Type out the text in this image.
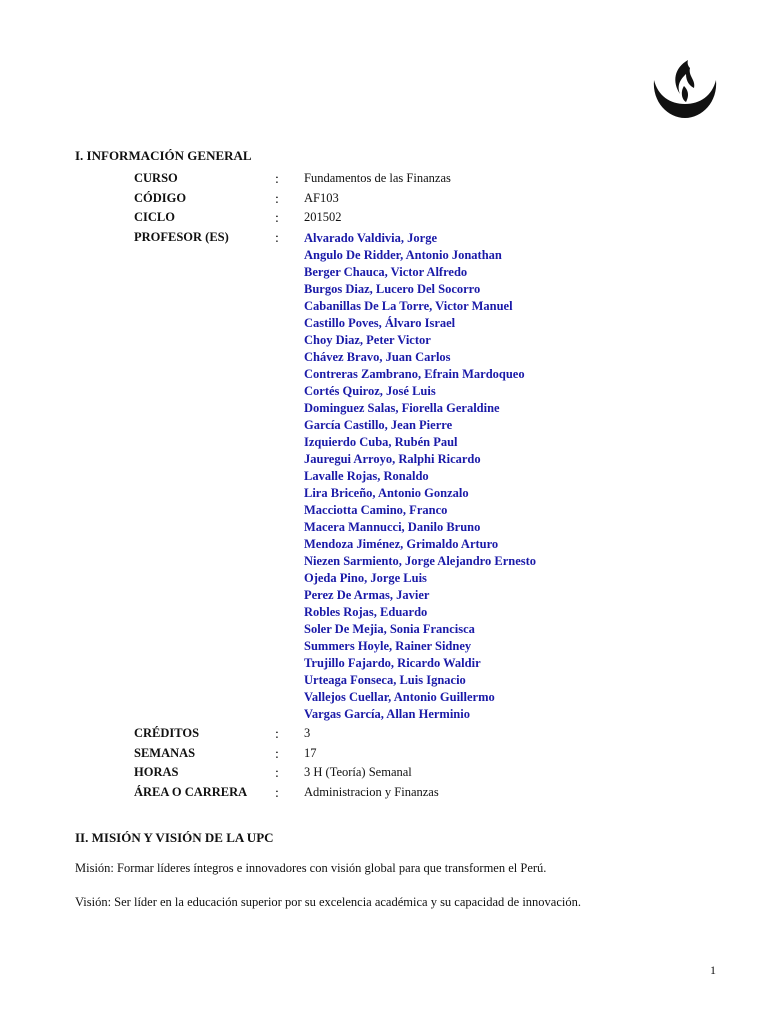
I. INFORMACIÓN GENERAL
CURSO	: Fundamentos de las Finanzas
CÓDIGO	: AF103
CICLO	: 201502
PROFESOR (ES)	: Alvarado Valdivia, Jorge
Angulo De Ridder, Antonio Jonathan
Berger Chauca, Victor Alfredo
Burgos Diaz, Lucero Del Socorro
Cabanillas De La Torre, Victor Manuel
Castillo Poves, Álvaro Israel
Choy Diaz, Peter Victor
Chávez Bravo, Juan Carlos
Contreras Zambrano, Efrain Mardoqueo
Cortés Quiroz, José Luis
Dominguez Salas, Fiorella Geraldine
García Castillo, Jean Pierre
Izquierdo Cuba, Rubén Paul
Jauregui Arroyo, Ralphi Ricardo
Lavalle Rojas, Ronaldo
Lira Briceño, Antonio Gonzalo
Macciotta Camino, Franco
Macera Mannucci, Danilo Bruno
Mendoza Jiménez, Grimaldo Arturo
Niezen Sarmiento, Jorge Alejandro Ernesto
Ojeda Pino, Jorge Luis
Perez De Armas, Javier
Robles Rojas, Eduardo
Soler De Mejia, Sonia Francisca
Summers Hoyle, Rainer Sidney
Trujillo Fajardo, Ricardo Waldir
Urteaga Fonseca, Luis Ignacio
Vallejos Cuellar, Antonio Guillermo
Vargas García, Allan Herminio
CRÉDITOS	: 3
SEMANAS	: 17
HORAS	: 3 H (Teoría) Semanal
ÁREA O CARRERA : Administracion y Finanzas
II. MISIÓN Y VISIÓN DE LA UPC
Misión: Formar líderes íntegros e innovadores con visión global para que transformen el Perú.
Visión: Ser líder en la educación superior por su excelencia académica y su capacidad de innovación.
1
